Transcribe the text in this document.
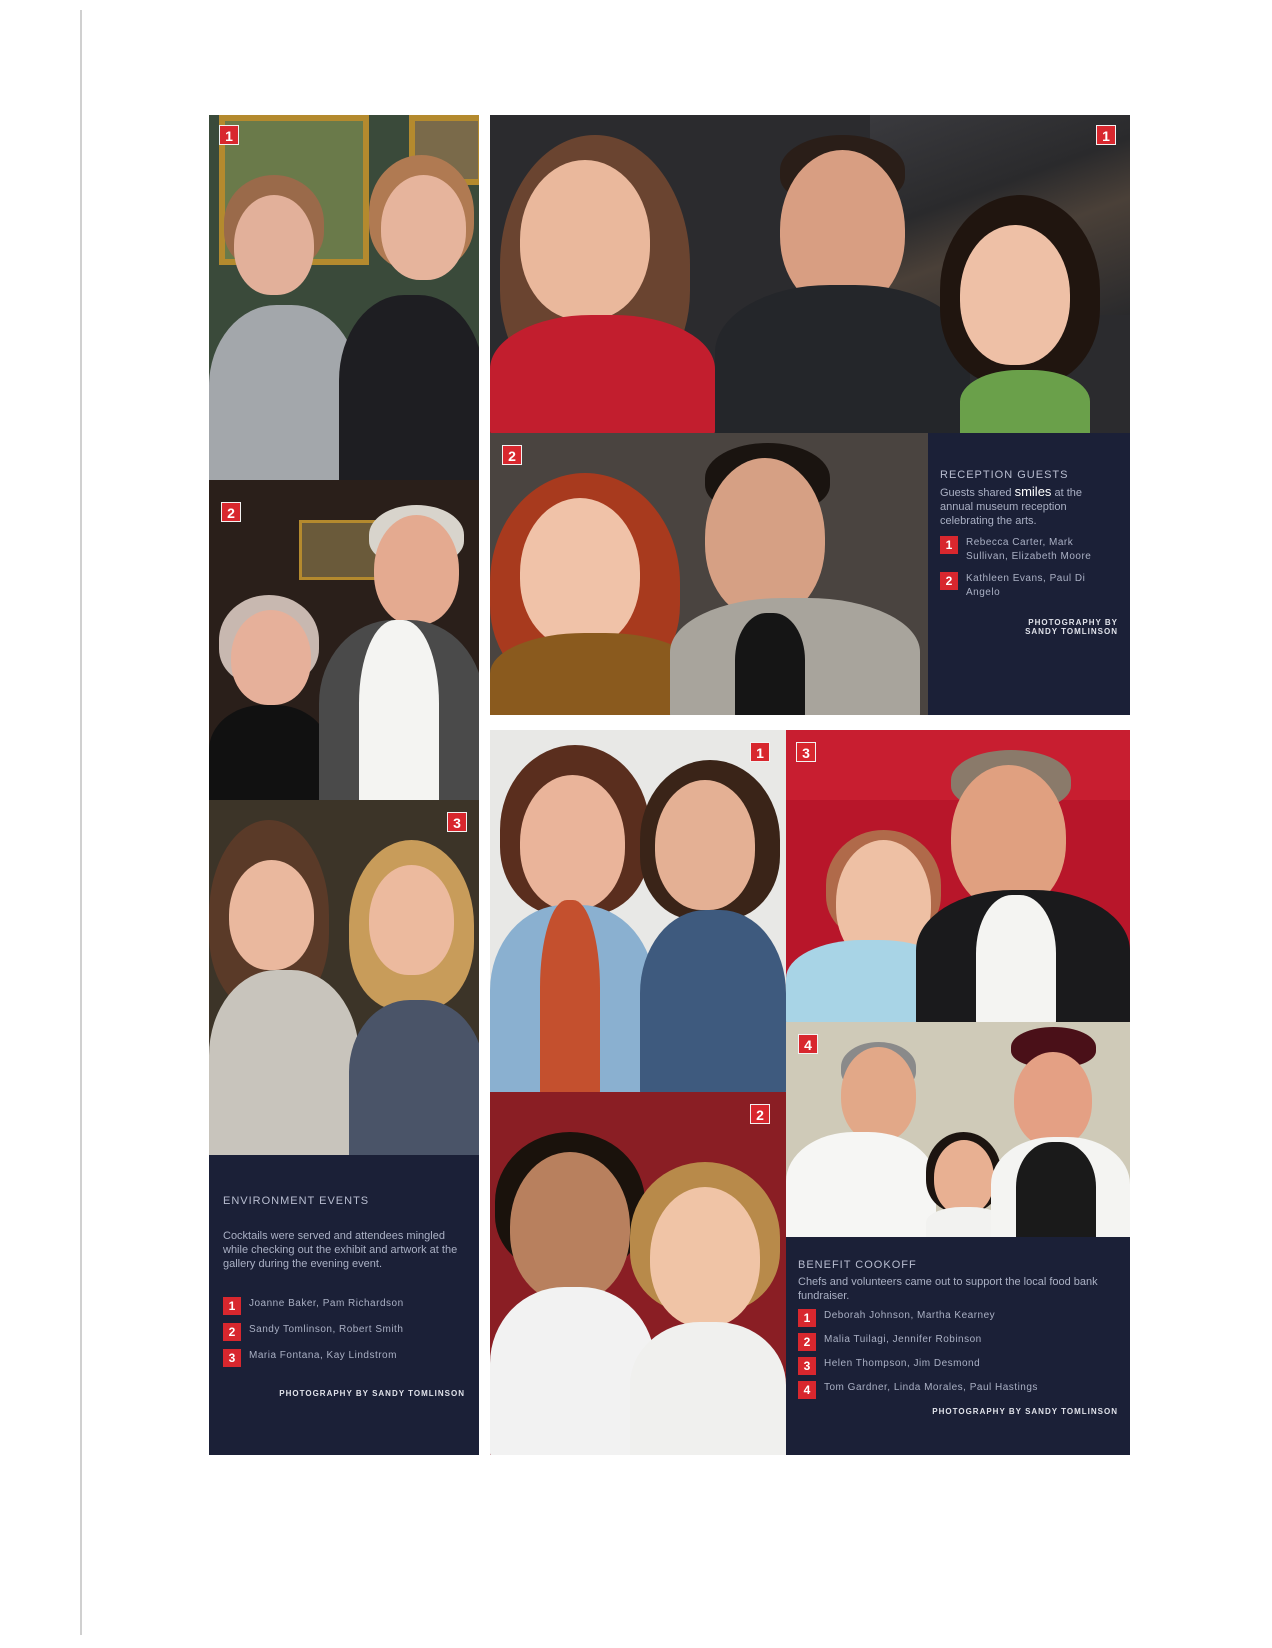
1
2
3
ENVIRONMENT EVENTS
Cocktails were served and attendees mingled while checking out the exhibit and artwork at the gallery during the evening event.
1	Joanne Baker, Pam Richardson
2	Sandy Tomlinson, Robert Smith
3	Maria Fontana, Kay Lindstrom
PHOTOGRAPHY BY SANDY TOMLINSON
1
2
RECEPTION GUESTS
Guests shared smiles at the annual museum reception celebrating the arts.
1	Rebecca Carter, Mark Sullivan, Elizabeth Moore
2	Kathleen Evans, Paul Di Angelo
PHOTOGRAPHY BY
SANDY TOMLINSON
1
2
3
4
BENEFIT COOKOFF
Chefs and volunteers came out to support the local food bank fundraiser.
1	Deborah Johnson, Martha Kearney
2	Malia Tuilagi, Jennifer Robinson
3	Helen Thompson, Jim Desmond
4	Tom Gardner, Linda Morales, Paul Hastings
PHOTOGRAPHY BY SANDY TOMLINSON
